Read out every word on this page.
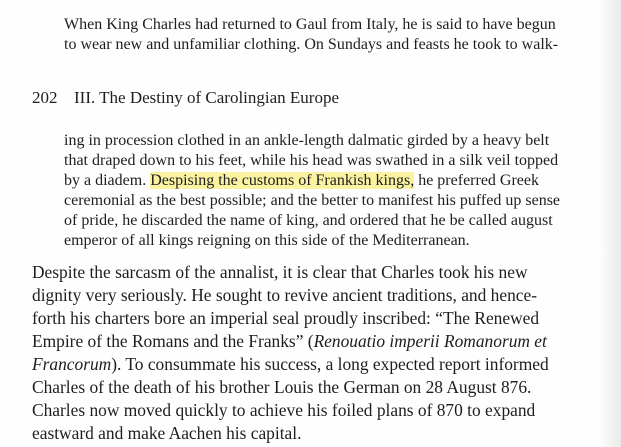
When King Charles had returned to Gaul from Italy, he is said to have begun

to wear new and unfamiliar clothing. On Sundays and feasts he took to walk-

202 III. The Destiny of Carolingian Europe

ing in procession clothed in an ankle-length dalmatic girded by a heavy belt

that draped down to his feet, while his head was swathed in a silk veil topped

by a diadem. Despising the customs of Frankish kings, he preferred Greek

ceremonial as the best possible; and the better to manifest his puffed up sense

of pride, he discarded the name of king, and ordered that he be called august

emperor of all kings reigning on this side of the Mediterranean.

Despite the sarcasm of the annalist, it is clear that Charles took his new

dignity very seriously. He sought to revive ancient traditions, and hence-

forth his charters bore an imperial seal proudly inscribed: “The Renewed

Empire of the Romans and the Franks” (Renouatio imperii Romanorum et

Francorum). To consummate his success, a long expected report informed

Charles of the death of his brother Louis the German on 28 August 876.

Charles now moved quickly to achieve his foiled plans of 870 to expand

eastward and make Aachen his capital.
